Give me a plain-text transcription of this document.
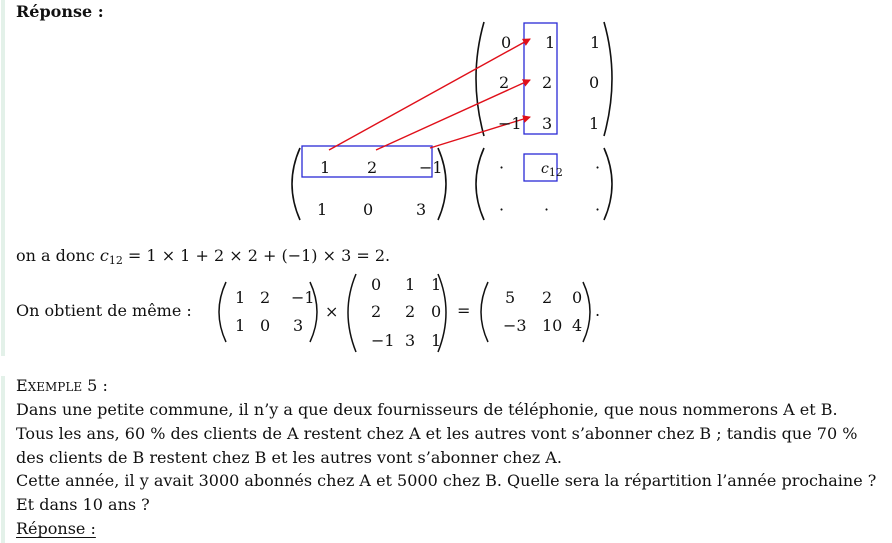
Réponse :
0 1 1
2 2 0
−1 3 1
1 2	−1
1 0	3
·	$c_{12}$ ·
· ·	·
on a donc $c_{12} = 1 \times 1 + 2 \times 2 + (-1) \times 3 = 2$.
On obtient de même :
1 2 −1
1 0 3
×
0 1 1
2 2 0
−1 3 1
=
5 2 0
−3 10 4
.
EXEMPLE 5 :
Dans une petite commune, il n’y a que deux fournisseurs de téléphonie, que nous nommerons A et B.
Tous les ans, 60 % des clients de A restent chez A et les autres vont s’abonner chez B ; tandis que 70 %
des clients de B restent chez B et les autres vont s’abonner chez A.
Cette année, il y avait 3000 abonnés chez A et 5000 chez B. Quelle sera la répartition l’année prochaine ?
Et dans 10 ans ?
Réponse :
